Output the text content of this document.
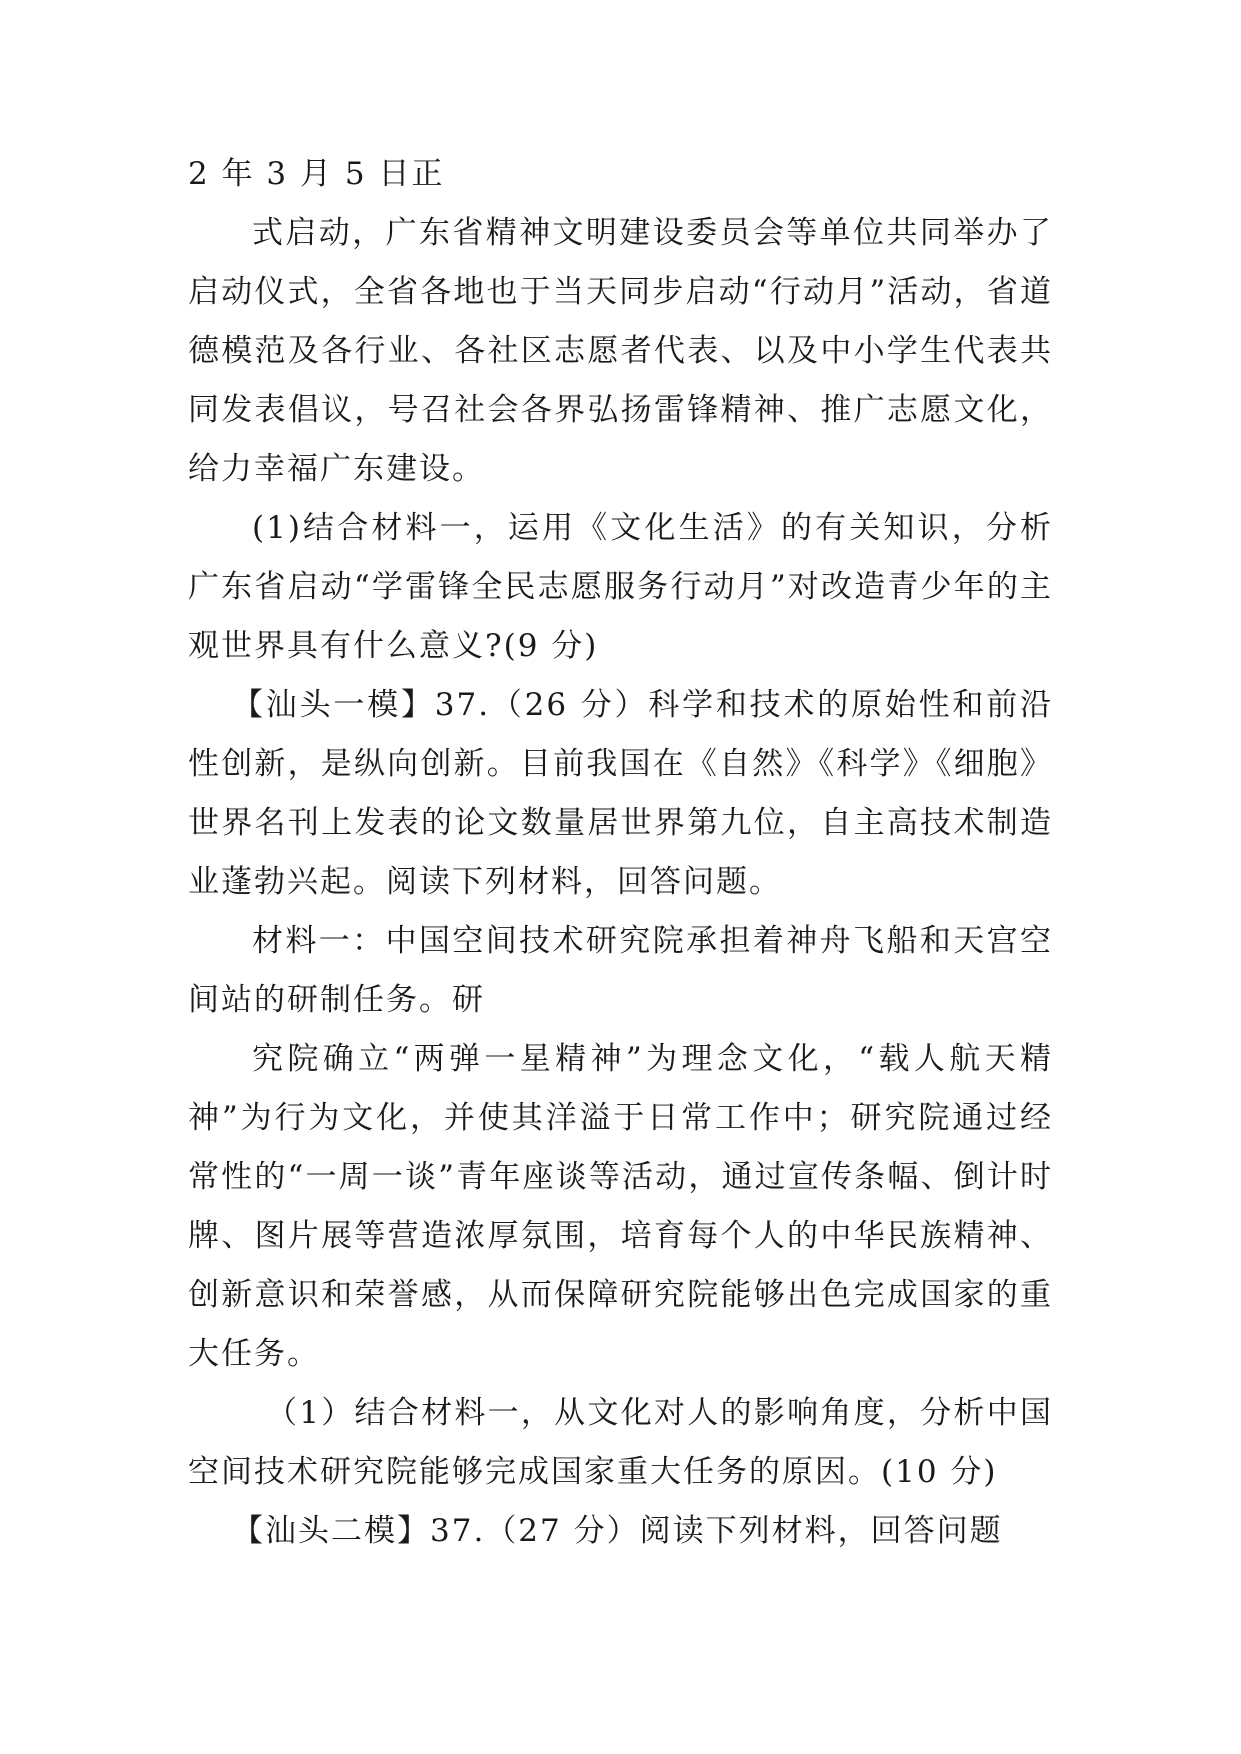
2 年 3 月 5 日正

式启动，广东省精神文明建设委员会等单位共同举办了启动仪式，全省各地也于当天同步启动“行动月”活动，省道德模范及各行业、各社区志愿者代表、以及中小学生代表共同发表倡议，号召社会各界弘扬雷锋精神、推广志愿文化，给力幸福广东建设。

(1)结合材料一，运用《文化生活》的有关知识，分析广东省启动“学雷锋全民志愿服务行动月”对改造青少年的主观世界具有什么意义?(9 分)

【汕头一模】37.（26 分）科学和技术的原始性和前沿性创新，是纵向创新。目前我国在《自然》《科学》《细胞》世界名刊上发表的论文数量居世界第九位，自主高技术制造业蓬勃兴起。阅读下列材料，回答问题。

材料一：中国空间技术研究院承担着神舟飞船和天宫空间站的研制任务。研

究院确立“两弹一星精神”为理念文化，“载人航天精神”为行为文化，并使其洋溢于日常工作中；研究院通过经常性的“一周一谈”青年座谈等活动，通过宣传条幅、倒计时牌、图片展等营造浓厚氛围，培育每个人的中华民族精神、创新意识和荣誉感，从而保障研究院能够出色完成国家的重大任务。

（1）结合材料一，从文化对人的影响角度，分析中国空间技术研究院能够完成国家重大任务的原因。(10 分)

【汕头二模】37.（27 分）阅读下列材料，回答问题
